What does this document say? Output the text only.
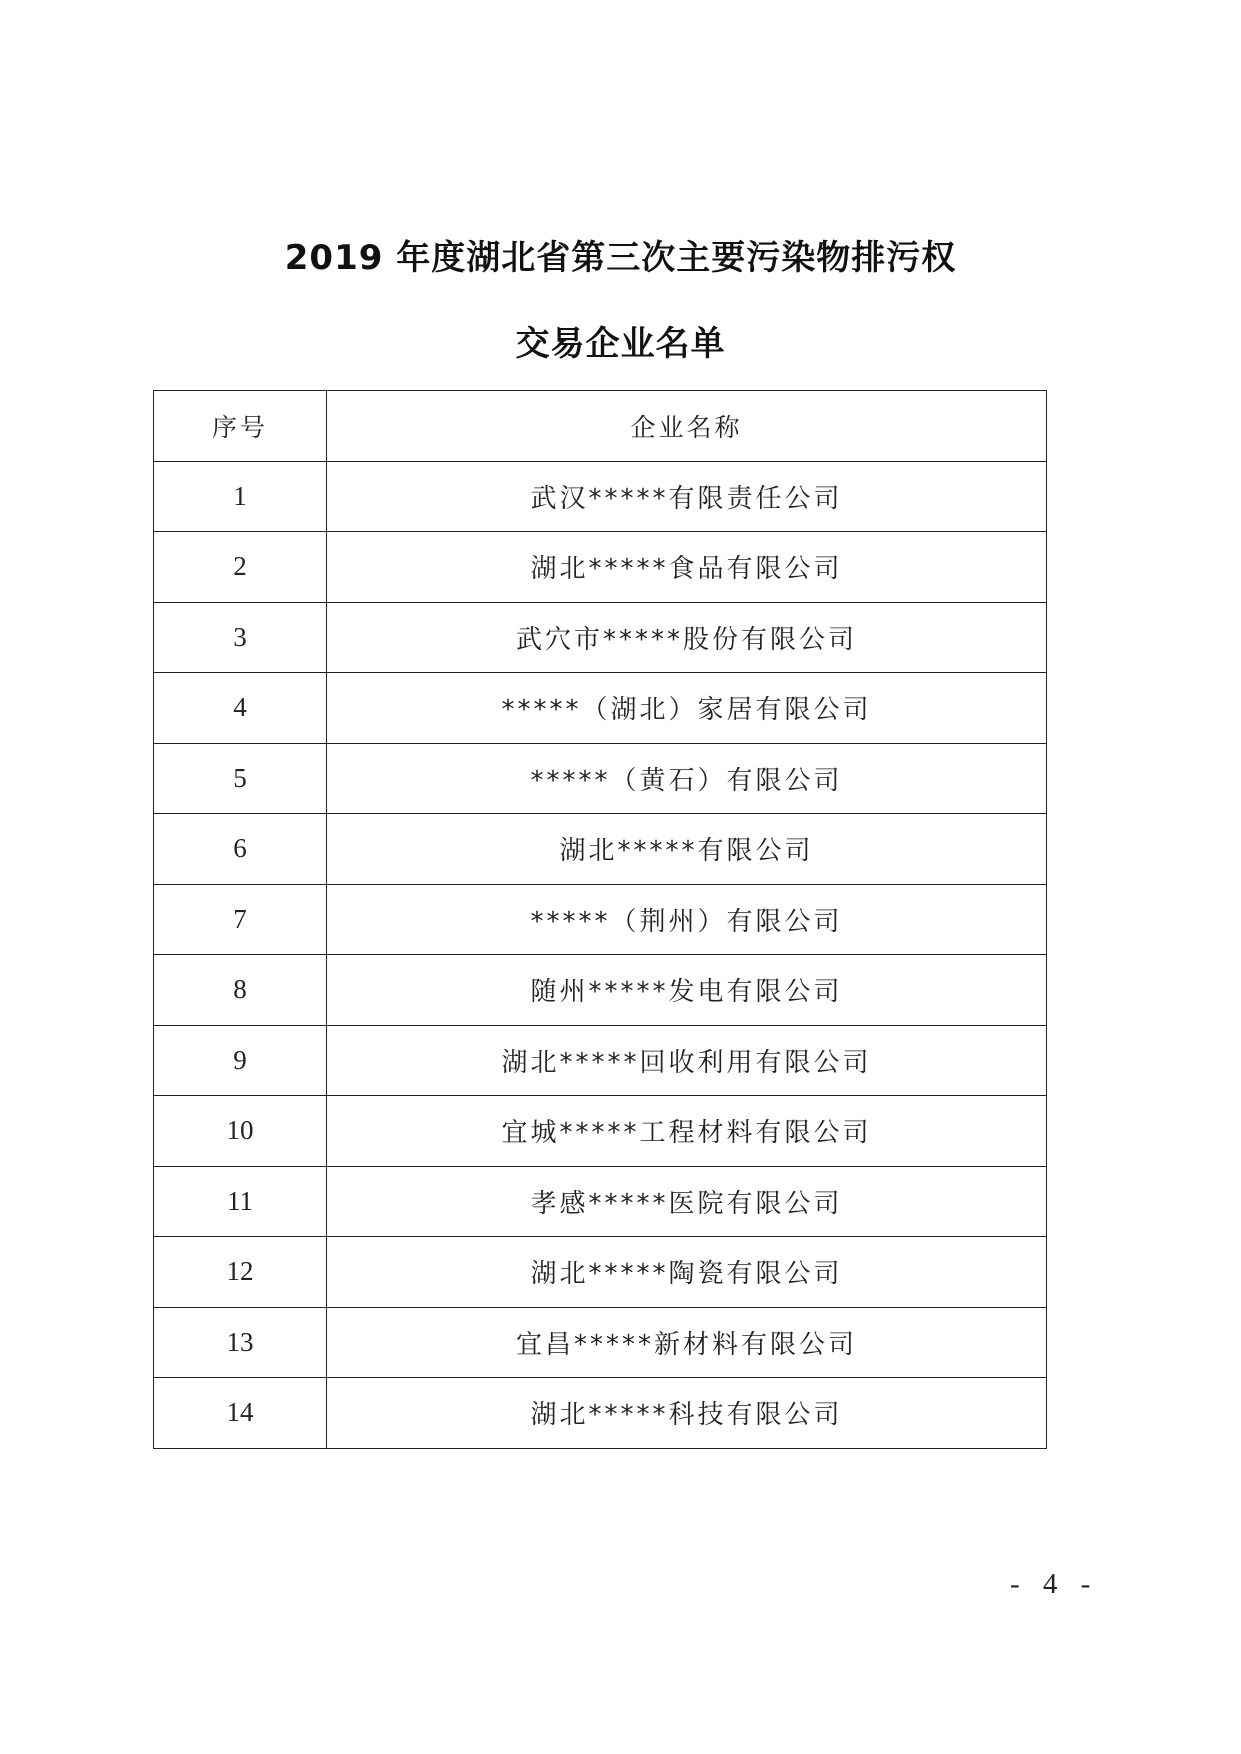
2019 年度湖北省第三次主要污染物排污权
交易企业名单
序号	企业名称
1	武汉*****有限责任公司
2	湖北*****食品有限公司
3	武穴市*****股份有限公司
4	*****（湖北）家居有限公司
5	*****（黄石）有限公司
6	湖北*****有限公司
7	*****（荆州）有限公司
8	随州*****发电有限公司
9	湖北*****回收利用有限公司
10	宜城*****工程材料有限公司
11	孝感*****医院有限公司
12	湖北*****陶瓷有限公司
13	宜昌*****新材料有限公司
14	湖北*****科技有限公司
- 4 -
